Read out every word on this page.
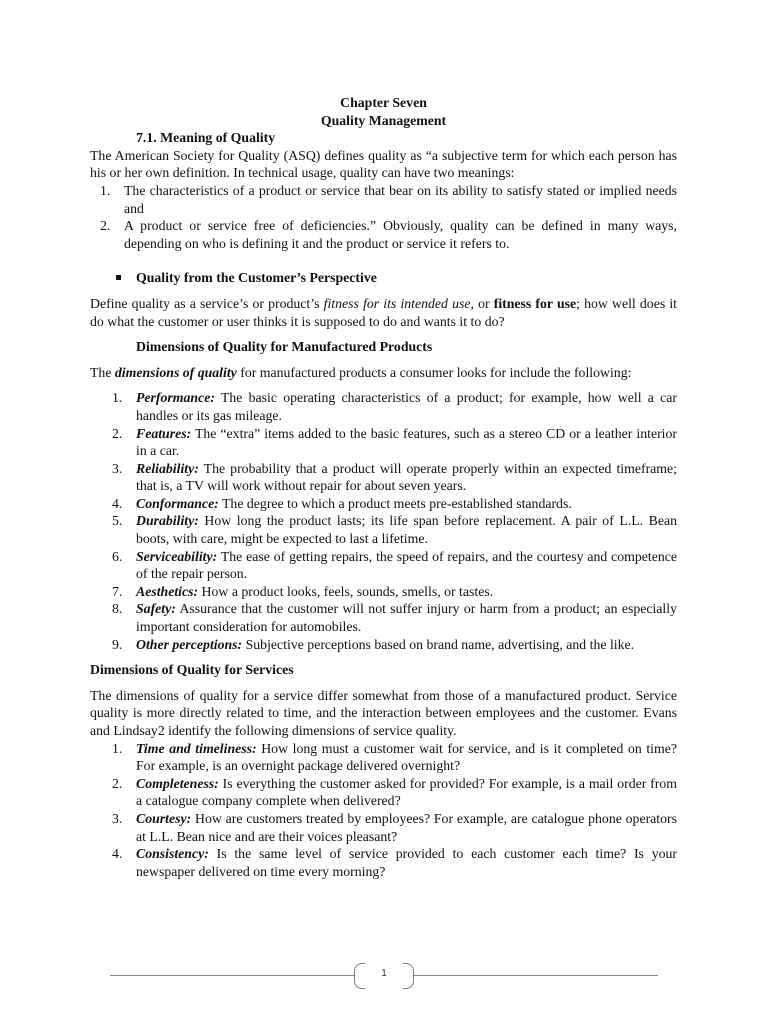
Chapter Seven

Quality Management

7.1. Meaning of Quality

The American Society for Quality (ASQ) defines quality as “a subjective term for which each person has his or her own definition. In technical usage, quality can have two meanings:

1. The characteristics of a product or service that bear on its ability to satisfy stated or implied needs and
2. A product or service free of deficiencies.” Obviously, quality can be defined in many ways, depending on who is defining it and the product or service it refers to.

Quality from the Customer’s Perspective

Define quality as a service’s or product’s fitness for its intended use, or fitness for use; how well does it do what the customer or user thinks it is supposed to do and wants it to do?

Dimensions of Quality for Manufactured Products

The dimensions of quality for manufactured products a consumer looks for include the following:

1. Performance: The basic operating characteristics of a product; for example, how well a car handles or its gas mileage.
2. Features: The “extra” items added to the basic features, such as a stereo CD or a leather interior in a car.
3. Reliability: The probability that a product will operate properly within an expected timeframe; that is, a TV will work without repair for about seven years.
4. Conformance: The degree to which a product meets pre-established standards.
5. Durability: How long the product lasts; its life span before replacement. A pair of L.L. Bean boots, with care, might be expected to last a lifetime.
6. Serviceability: The ease of getting repairs, the speed of repairs, and the courtesy and competence of the repair person.
7. Aesthetics: How a product looks, feels, sounds, smells, or tastes.
8. Safety: Assurance that the customer will not suffer injury or harm from a product; an especially important consideration for automobiles.
9. Other perceptions: Subjective perceptions based on brand name, advertising, and the like.

Dimensions of Quality for Services

The dimensions of quality for a service differ somewhat from those of a manufactured product. Service quality is more directly related to time, and the interaction between employees and the customer. Evans and Lindsay2 identify the following dimensions of service quality.

1. Time and timeliness: How long must a customer wait for service, and is it completed on time? For example, is an overnight package delivered overnight?
2. Completeness: Is everything the customer asked for provided? For example, is a mail order from a catalogue company complete when delivered?
3. Courtesy: How are customers treated by employees? For example, are catalogue phone operators at L.L. Bean nice and are their voices pleasant?
4. Consistency: Is the same level of service provided to each customer each time? Is your newspaper delivered on time every morning?
1
